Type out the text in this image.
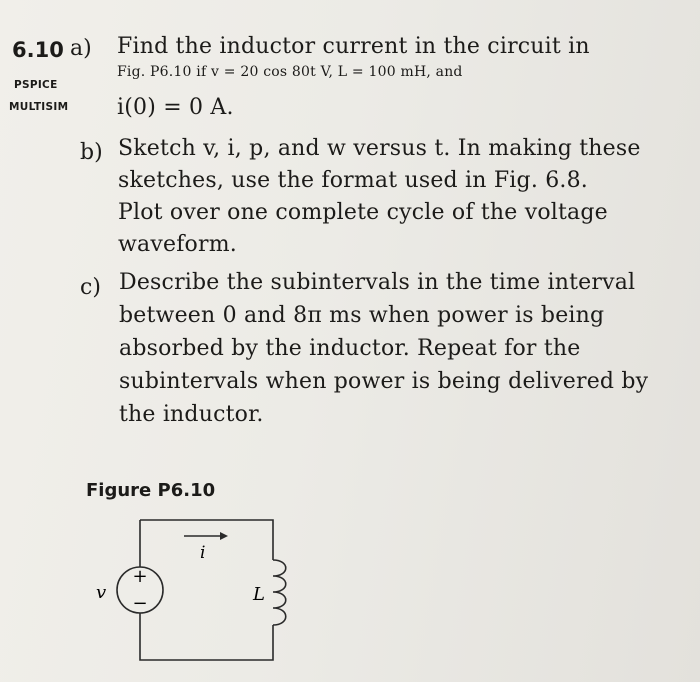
6.10
PSPICE
MULTISIM
a) Find the inductor current in the circuit in
Fig. P6.10 if v = 20 cos 80t V, L = 100 mH, and
i(0) = 0 A.
b) Sketch v, i, p, and w versus t. In making these
sketches, use the format used in Fig. 6.8.
Plot over one complete cycle of the voltage
waveform.
c) Describe the subintervals in the time interval
between 0 and 8π ms when power is being
absorbed by the inductor. Repeat for the
subintervals when power is being delivered by
the inductor.
Figure P6.10
+
−
v
i
L
